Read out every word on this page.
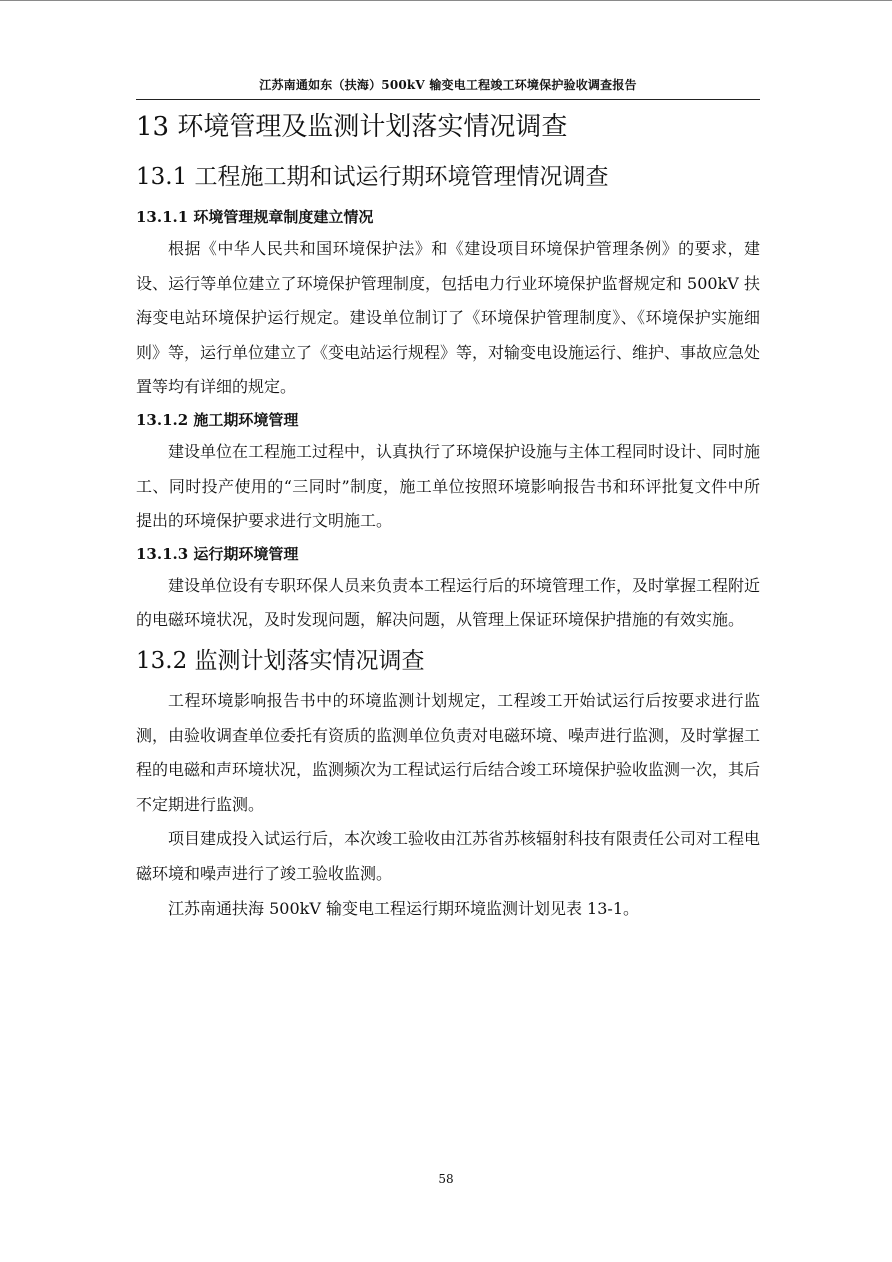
江苏南通如东（扶海）500kV 输变电工程竣工环境保护验收调查报告
13 环境管理及监测计划落实情况调查
13.1 工程施工期和试运行期环境管理情况调查
13.1.1 环境管理规章制度建立情况

根据《中华人民共和国环境保护法》和《建设项目环境保护管理条例》的要求，建设、运行等单位建立了环境保护管理制度，包括电力行业环境保护监督规定和 500kV 扶海变电站环境保护运行规定。建设单位制订了《环境保护管理制度》、《环境保护实施细则》等，运行单位建立了《变电站运行规程》等，对输变电设施运行、维护、事故应急处置等均有详细的规定。

13.1.2 施工期环境管理

建设单位在工程施工过程中，认真执行了环境保护设施与主体工程同时设计、同时施工、同时投产使用的“三同时”制度，施工单位按照环境影响报告书和环评批复文件中所提出的环境保护要求进行文明施工。

13.1.3 运行期环境管理

建设单位设有专职环保人员来负责本工程运行后的环境管理工作，及时掌握工程附近的电磁环境状况，及时发现问题，解决问题，从管理上保证环境保护措施的有效实施。

13.2 监测计划落实情况调查

工程环境影响报告书中的环境监测计划规定，工程竣工开始试运行后按要求进行监测，由验收调查单位委托有资质的监测单位负责对电磁环境、噪声进行监测，及时掌握工程的电磁和声环境状况，监测频次为工程试运行后结合竣工环境保护验收监测一次，其后不定期进行监测。

项目建成投入试运行后，本次竣工验收由江苏省苏核辐射科技有限责任公司对工程电磁环境和噪声进行了竣工验收监测。

江苏南通扶海 500kV 输变电工程运行期环境监测计划见表 13-1。

58
